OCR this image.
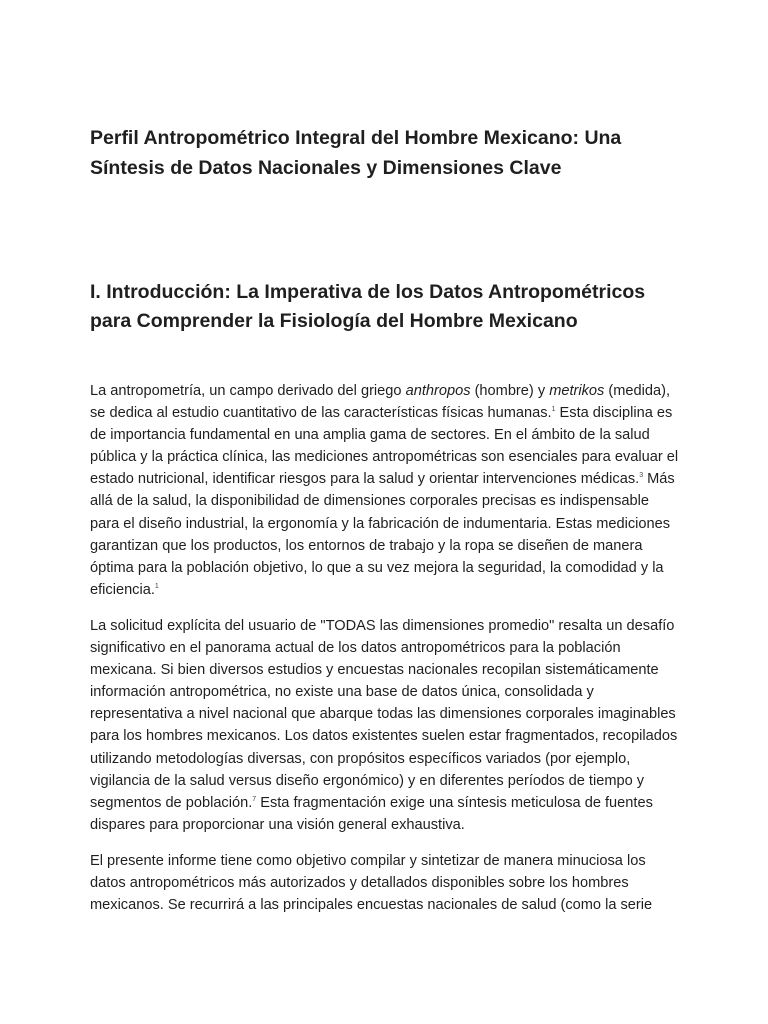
Perfil Antropométrico Integral del Hombre Mexicano: Una Síntesis de Datos Nacionales y Dimensiones Clave
I. Introducción: La Imperativa de los Datos Antropométricos para Comprender la Fisiología del Hombre Mexicano

La antropometría, un campo derivado del griego anthropos (hombre) y metrikos (medida), se dedica al estudio cuantitativo de las características físicas humanas.$^1$ Esta disciplina es de importancia fundamental en una amplia gama de sectores. En el ámbito de la salud pública y la práctica clínica, las mediciones antropométricas son esenciales para evaluar el estado nutricional, identificar riesgos para la salud y orientar intervenciones médicas.$^3$ Más allá de la salud, la disponibilidad de dimensiones corporales precisas es indispensable para el diseño industrial, la ergonomía y la fabricación de indumentaria. Estas mediciones garantizan que los productos, los entornos de trabajo y la ropa se diseñen de manera óptima para la población objetivo, lo que a su vez mejora la seguridad, la comodidad y la eficiencia.$^1$

La solicitud explícita del usuario de "TODAS las dimensiones promedio" resalta un desafío significativo en el panorama actual de los datos antropométricos para la población mexicana. Si bien diversos estudios y encuestas nacionales recopilan sistemáticamente información antropométrica, no existe una base de datos única, consolidada y representativa a nivel nacional que abarque todas las dimensiones corporales imaginables para los hombres mexicanos. Los datos existentes suelen estar fragmentados, recopilados utilizando metodologías diversas, con propósitos específicos variados (por ejemplo, vigilancia de la salud versus diseño ergonómico) y en diferentes períodos de tiempo y segmentos de población.$^7$ Esta fragmentación exige una síntesis meticulosa de fuentes dispares para proporcionar una visión general exhaustiva.

El presente informe tiene como objetivo compilar y sintetizar de manera minuciosa los datos antropométricos más autorizados y detallados disponibles sobre los hombres mexicanos. Se recurrirá a las principales encuestas nacionales de salud (como la serie
